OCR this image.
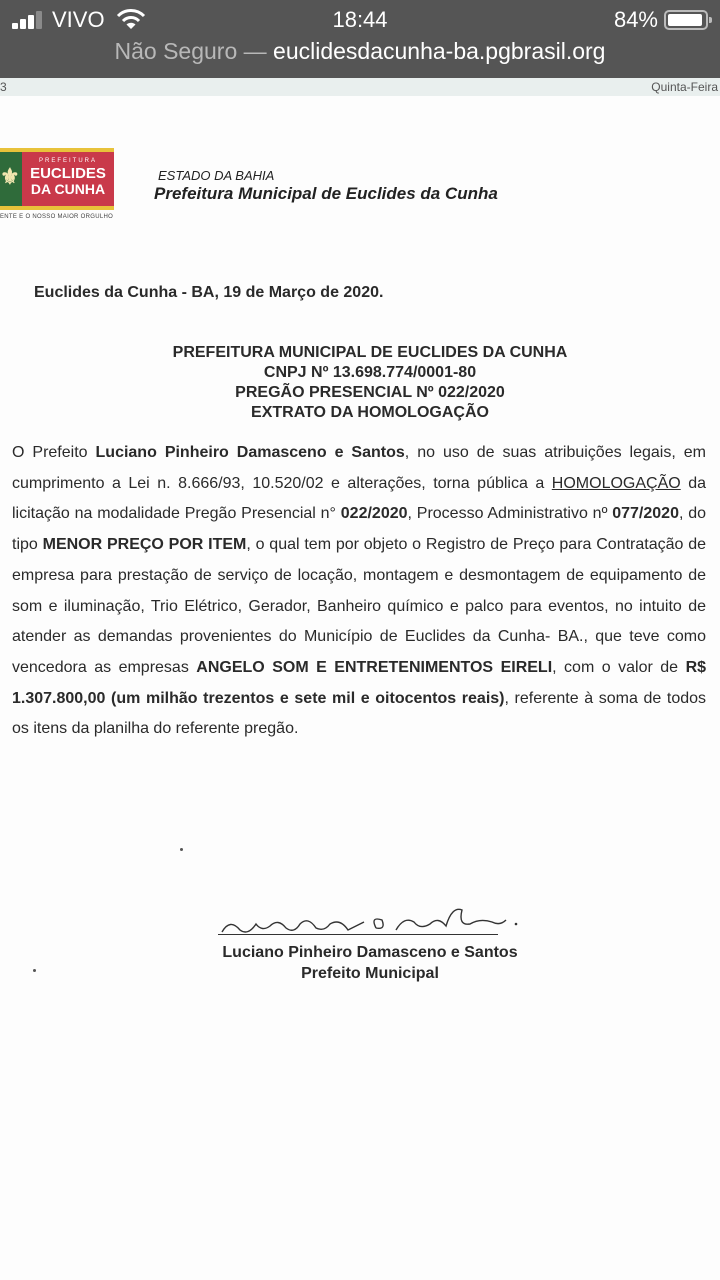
VIVO	18:44	84%
Não Seguro — euclidesdacunha-ba.pgbrasil.org
3	Quinta-Feira
⚜
PREFEITURA
EUCLIDES
DA CUNHA
ENTE E O NOSSO MAIOR ORGULHO
ESTADO DA BAHIA
Prefeitura Municipal de Euclides da Cunha
Euclides da Cunha - BA, 19 de Março de 2020.
PREFEITURA MUNICIPAL DE EUCLIDES DA CUNHA
CNPJ Nº 13.698.774/0001-80
PREGÃO PRESENCIAL Nº 022/2020
EXTRATO DA HOMOLOGAÇÃO
O Prefeito Luciano Pinheiro Damasceno e Santos, no uso de suas atribuições legais, em cumprimento a Lei n. 8.666/93, 10.520/02 e alterações, torna pública a HOMOLOGAÇÃO da licitação na modalidade Pregão Presencial n° 022/2020, Processo Administrativo nº 077/2020, do tipo MENOR PREÇO POR ITEM, o qual tem por objeto o Registro de Preço para Contratação de empresa para prestação de serviço de locação, montagem e desmontagem de equipamento de som e iluminação, Trio Elétrico, Gerador, Banheiro químico e palco para eventos, no intuito de atender as demandas provenientes do Município de Euclides da Cunha- BA., que teve como vencedora as empresas ANGELO SOM E ENTRETENIMENTOS EIRELI, com o valor de R$ 1.307.800,00 (um milhão trezentos e sete mil e oitocentos reais), referente à soma de todos os itens da planilha do referente pregão.
Luciano Pinheiro Damasceno e Santos
Prefeito Municipal
